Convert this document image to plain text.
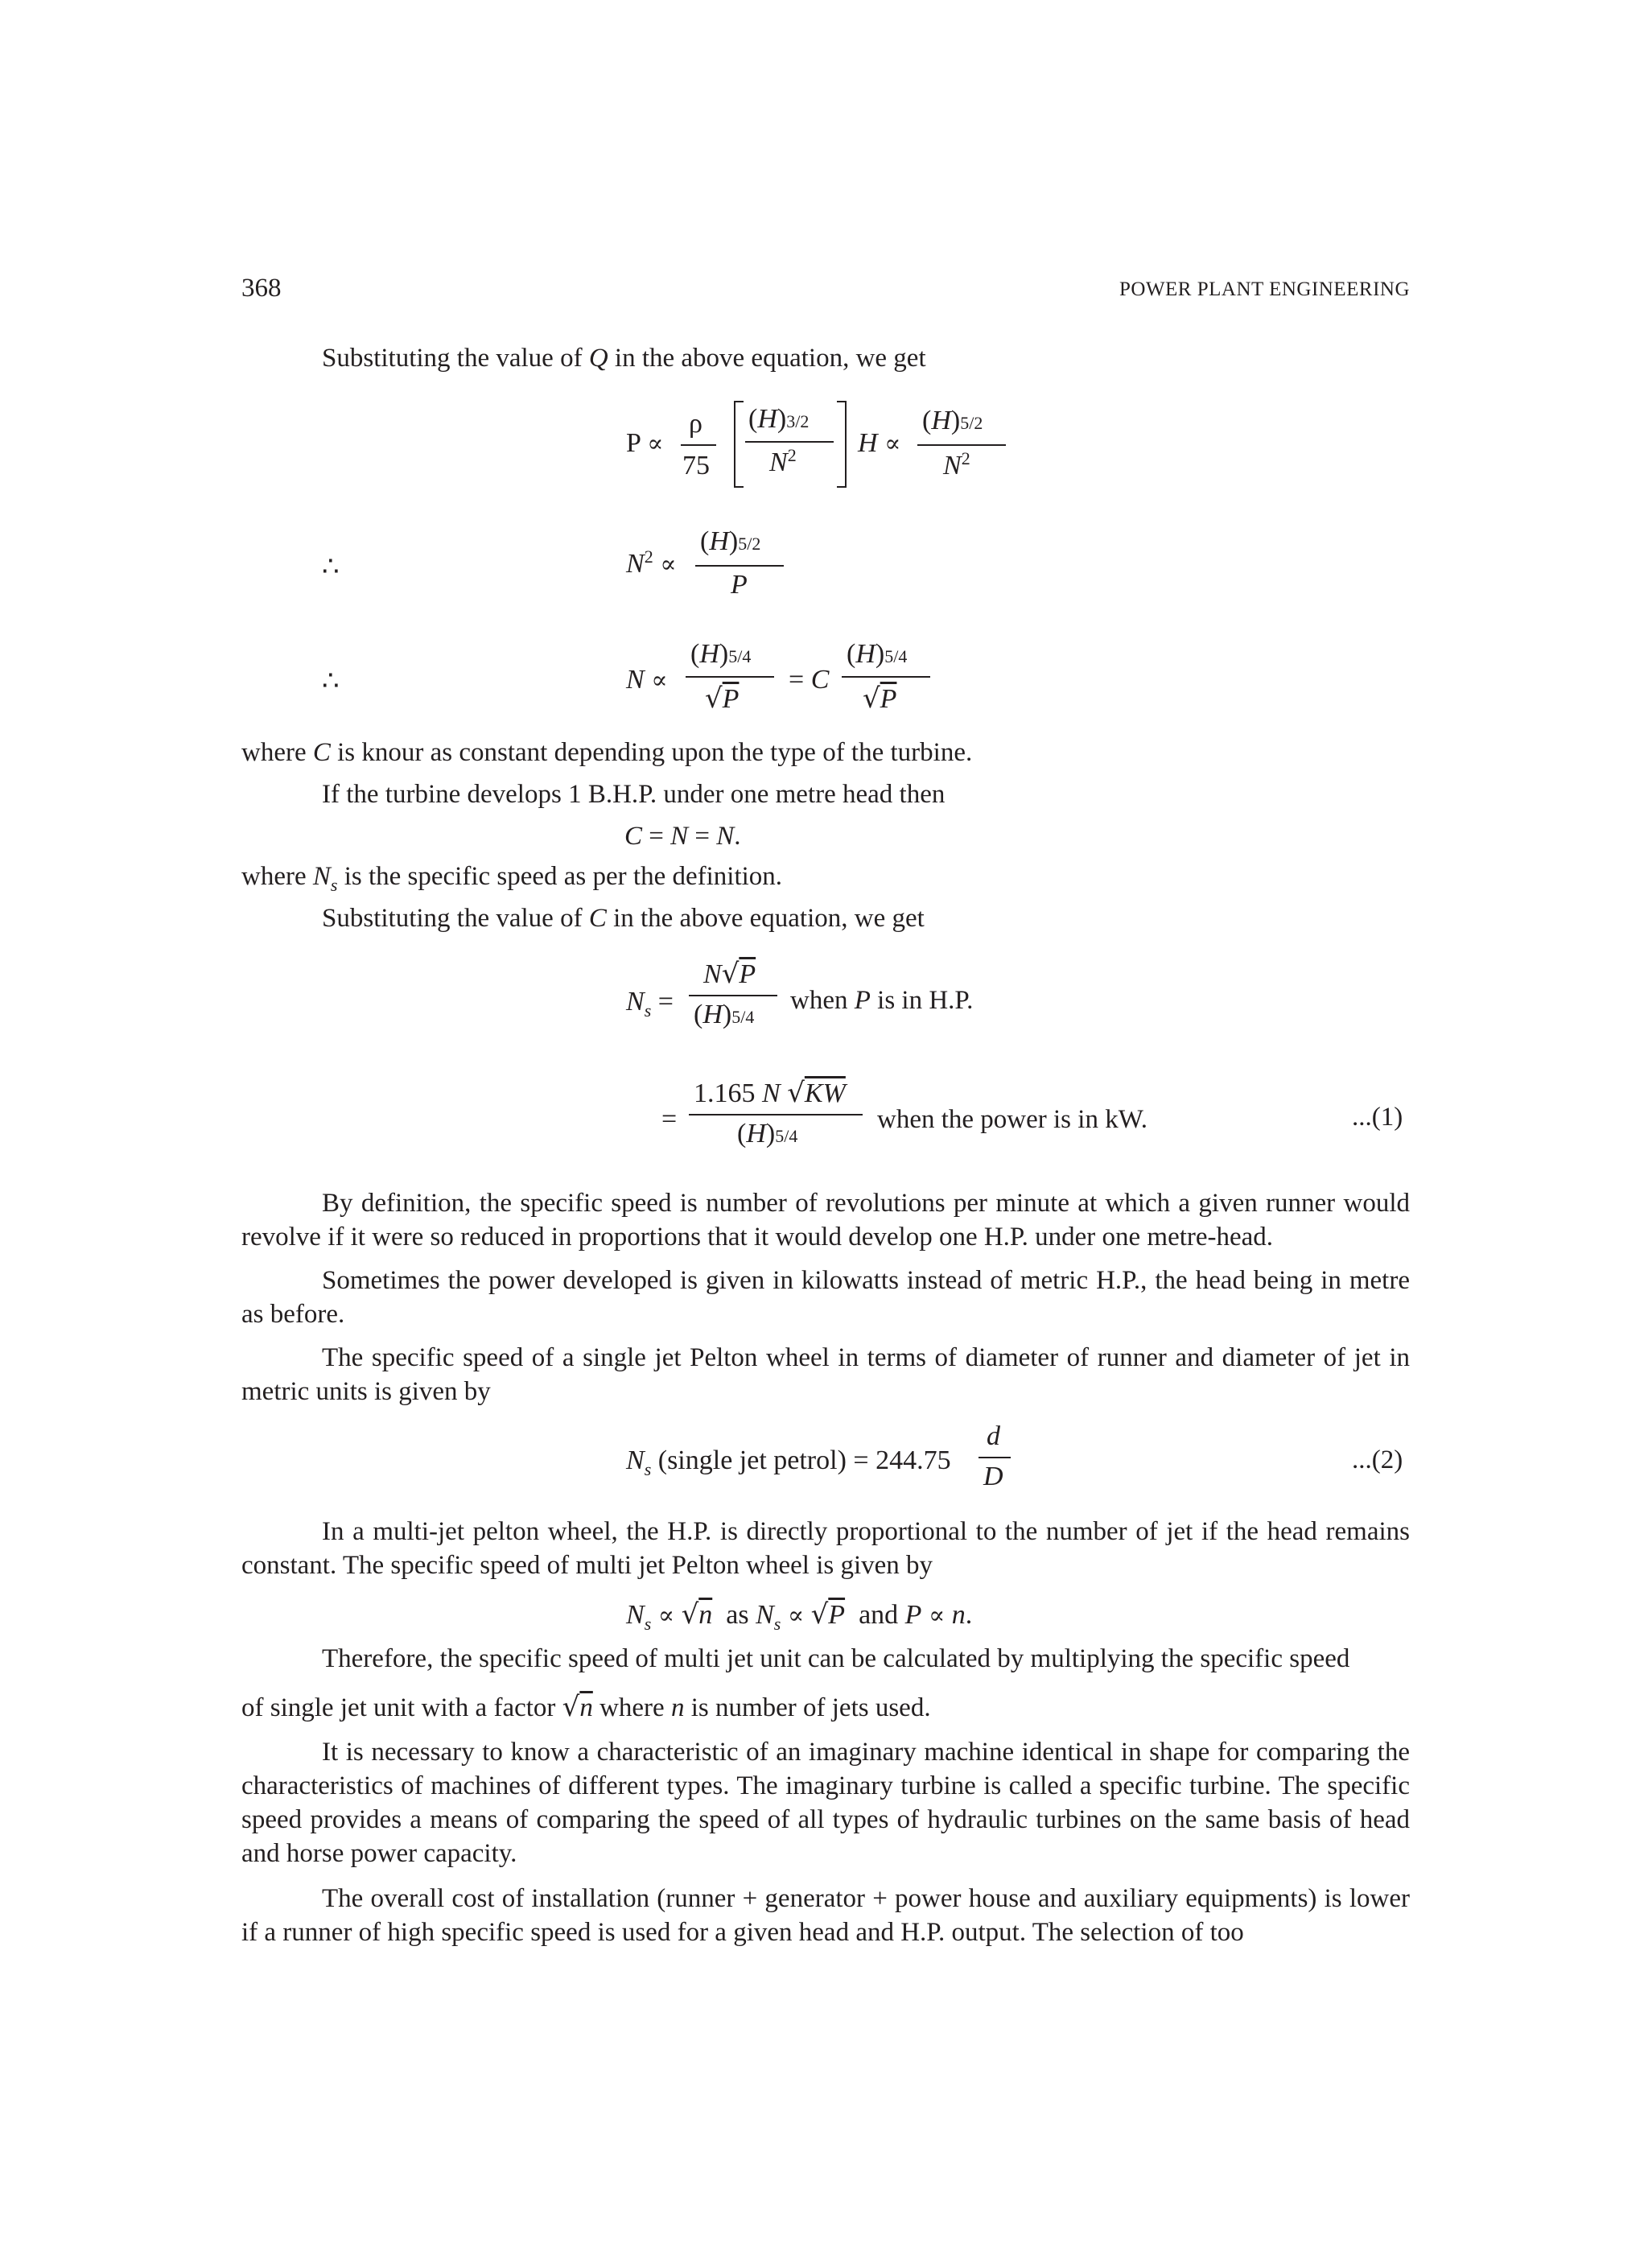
368	POWER PLANT ENGINEERING
Substituting the value of Q in the above equation, we get
P ∝
ρ
75
(H)3/2
$N^2$ H ∝
(H)5/2
$N^2$
∴	$N^2$ ∝
(H)5/2
P
∴	N ∝
(H)5/4
√P
= C
(H)5/4
√P
where C is knour as constant depending upon the type of the turbine.
If the turbine develops 1 B.H.P. under one metre head then
C = N = N.
where $N_s$ is the specific speed as per the definition.
Substituting the value of C in the above equation, we get
$N_s$ =
N√P
(H)5/4
when P is in H.P.
=
1.165 N √KW
(H)5/4
when the power is in kW.	...(1)
By definition, the specific speed is number of revolutions per minute at which a given runner would revolve if it were so reduced in proportions that it would develop one H.P. under one metre-head.
Sometimes the power developed is given in kilowatts instead of metric H.P., the head being in metre as before.
The specific speed of a single jet Pelton wheel in terms of diameter of runner and diameter of jet in metric units is given by
$N_s$ (single jet petrol) = 244.75
d
D
...(2)
In a multi-jet pelton wheel, the H.P. is directly proportional to the number of jet if the head remains constant. The specific speed of multi jet Pelton wheel is given by
$N_s \propto √n$  as $N_s \propto √P$  and P ∝ n.
Therefore, the specific speed of multi jet unit can be calculated by multiplying the specific speed
of single jet unit with a factor √n where n is number of jets used.
It is necessary to know a characteristic of an imaginary machine identical in shape for comparing the characteristics of machines of different types. The imaginary turbine is called a specific turbine. The specific speed provides a means of comparing the speed of all types of hydraulic turbines on the same basis of head and horse power capacity.
The overall cost of installation (runner + generator + power house and auxiliary equipments) is lower if a runner of high specific speed is used for a given head and H.P. output. The selection of too
